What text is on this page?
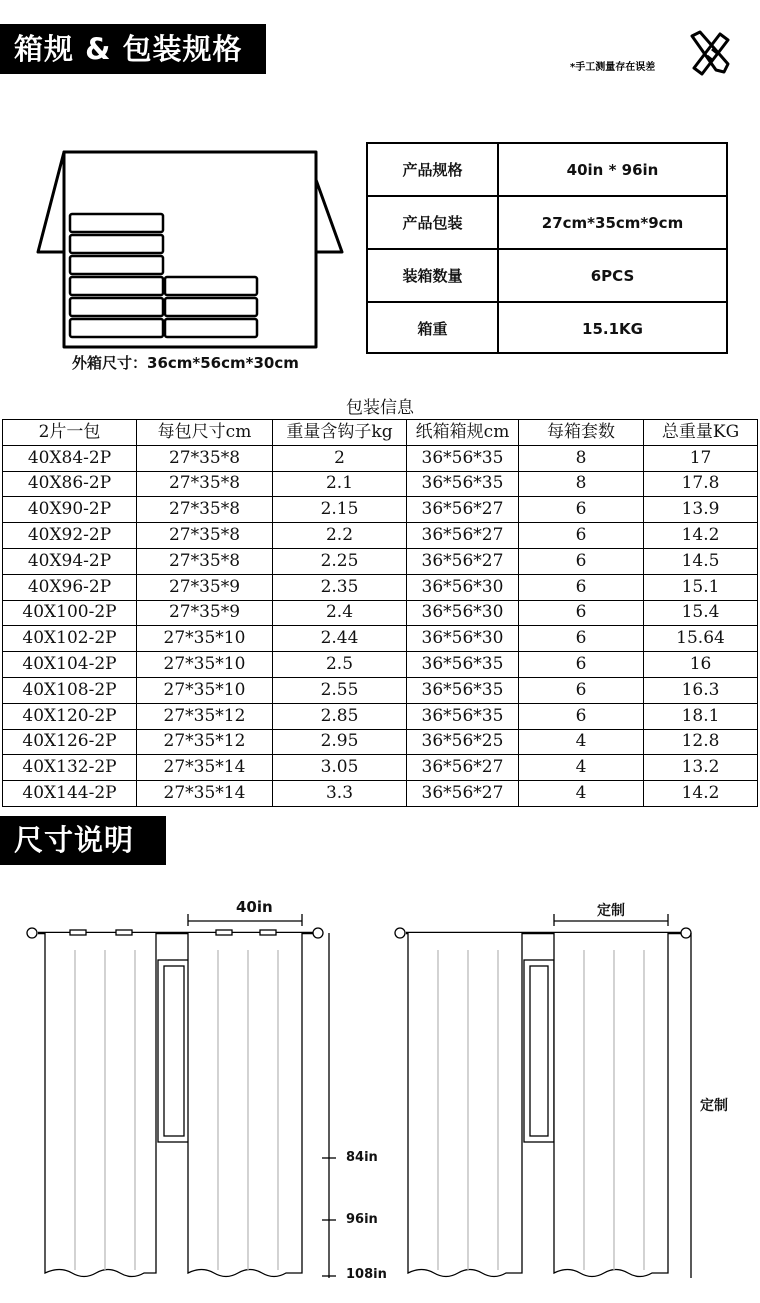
箱规 & 包装规格
*手工测量存在误差
外箱尺寸：36cm*56cm*30cm
产品规格	40in * 96in
产品包装	27cm*35cm*9cm
装箱数量	6PCS
箱重	15.1KG
包装信息					
2片一包	每包尺寸cm	重量含钩子kg	纸箱箱规cm	每箱套数	总重量KG
40X84-2P	27*35*8	2	36*56*35	8	17
40X86-2P	27*35*8	2.1	36*56*35	8	17.8
40X90-2P	27*35*8	2.15	36*56*27	6	13.9
40X92-2P	27*35*8	2.2	36*56*27	6	14.2
40X94-2P	27*35*8	2.25	36*56*27	6	14.5
40X96-2P	27*35*9	2.35	36*56*30	6	15.1
40X100-2P	27*35*9	2.4	36*56*30	6	15.4
40X102-2P	27*35*10	2.44	36*56*30	6	15.64
40X104-2P	27*35*10	2.5	36*56*35	6	16
40X108-2P	27*35*10	2.55	36*56*35	6	16.3
40X120-2P	27*35*12	2.85	36*56*35	6	18.1
40X126-2P	27*35*12	2.95	36*56*25	4	12.8
40X132-2P	27*35*14	3.05	36*56*27	4	13.2
40X144-2P	27*35*14	3.3	36*56*27	4	14.2
尺寸说明
40in
84in
96in
108in
定制
定制
